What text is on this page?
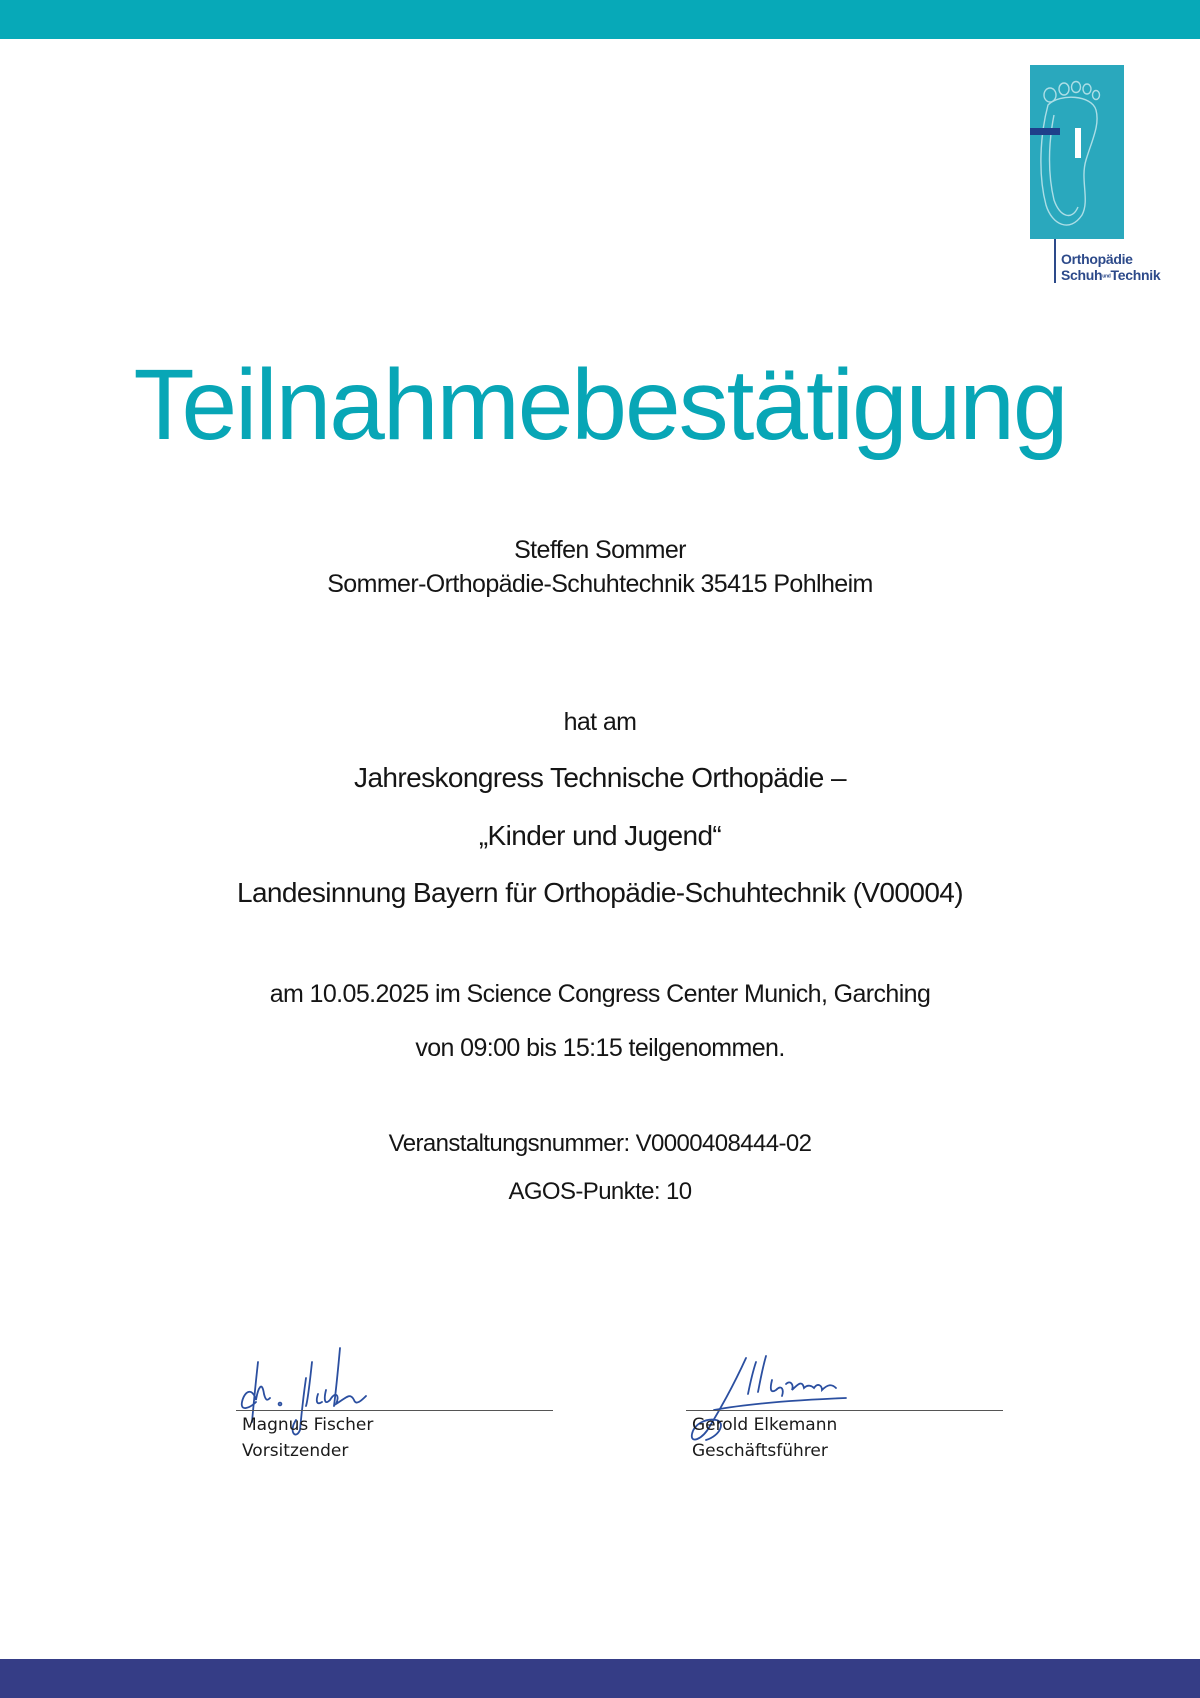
Orthopädie
SchuhundTechnik
Teilnahmebestätigung
Steffen Sommer
Sommer-Orthopädie-Schuhtechnik 35415 Pohlheim
hat am
Jahreskongress Technische Orthopädie –
„Kinder und Jugend“
Landesinnung Bayern für Orthopädie-Schuhtechnik (V00004)
am 10.05.2025 im Science Congress Center Munich, Garching
von 09:00 bis 15:15 teilgenommen.
Veranstaltungsnummer: V0000408444-02
AGOS-Punkte: 10
Magnus Fischer
Vorsitzender
Gerold Elkemann
Geschäftsführer
